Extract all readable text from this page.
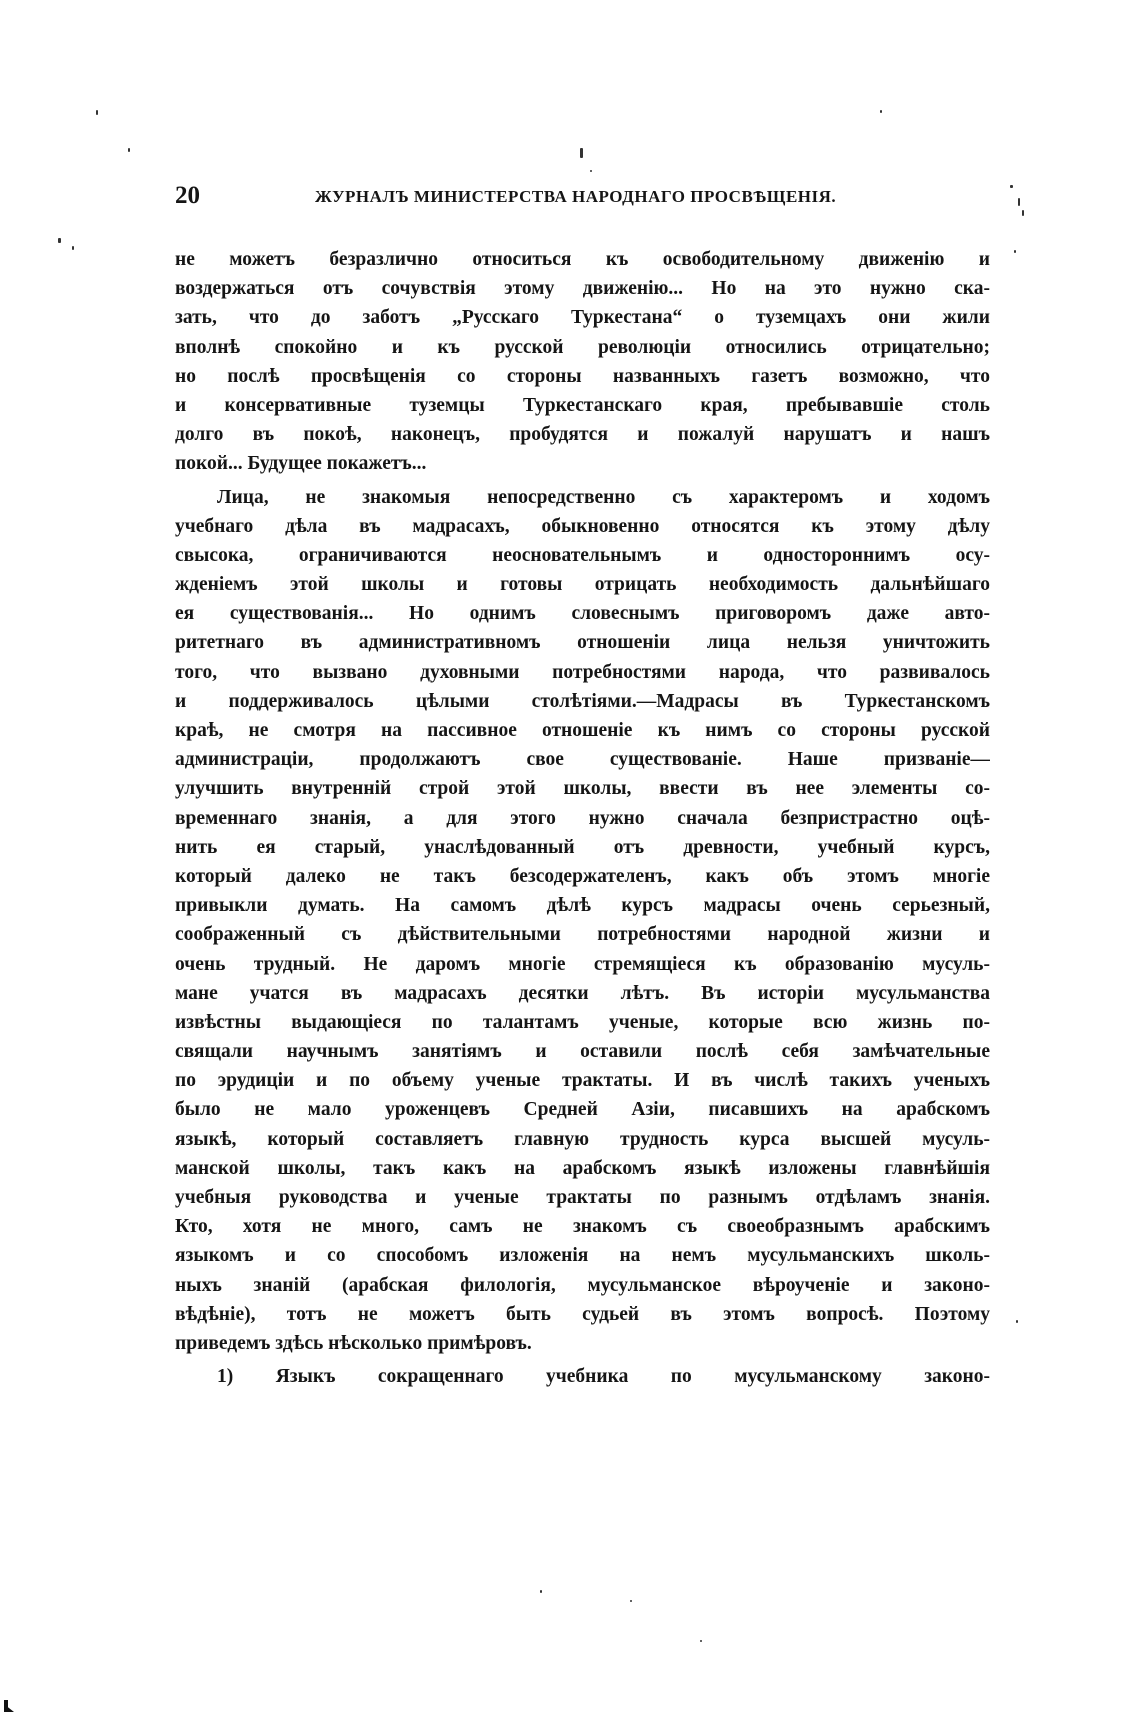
20	ЖУРНАЛЪ МИНИСТЕРСТВА НАРОДНАГО ПРОСВѢЩЕНІЯ.
не можетъ безразлично относиться къ освободительному движенію и
воздержаться отъ сочувствія этому движенію... Но на это нужно ска-
зать, что до заботъ „Русскаго Туркестана“ о туземцахъ они жили
вполнѣ спокойно и къ русской революціи относились отрицательно;
но послѣ просвѣщенія со стороны названныхъ газетъ возможно, что
и консервативные туземцы Туркестанскаго края, пребывавшіе столь
долго въ покоѣ, наконецъ, пробудятся и пожалуй нарушатъ и нашъ
покой... Будущее покажетъ...
Лица, не знакомыя непосредственно съ характеромъ и ходомъ
учебнаго дѣла въ мадрасахъ, обыкновенно относятся къ этому дѣлу
свысока, ограничиваются неосновательнымъ и одностороннимъ осу-
жденіемъ этой школы и готовы отрицать необходимость дальнѣйшаго
ея существованія... Но однимъ словеснымъ приговоромъ даже авто-
ритетнаго въ административномъ отношеніи лица нельзя уничтожить
того, что вызвано духовными потребностями народа, что развивалось
и поддерживалось цѣлыми столѣтіями.—Мадрасы въ Туркестанскомъ
краѣ, не смотря на пассивное отношеніе къ нимъ со стороны русской
администраціи, продолжаютъ свое существованіе. Наше призваніе—
улучшить внутренній строй этой школы, ввести въ нее элементы со-
временнаго знанія, а для этого нужно сначала безпристрастно оцѣ-
нить ея старый, унаслѣдованный отъ древности, учебный курсъ,
который далеко не такъ безсодержателенъ, какъ объ этомъ многіе
привыкли думать. На самомъ дѣлѣ курсъ мадрасы очень серьезный,
соображенный съ дѣйствительными потребностями народной жизни и
очень трудный. Не даромъ многіе стремящіеся къ образованію мусуль-
мане учатся въ мадрасахъ десятки лѣтъ. Въ исторіи мусульманства
извѣстны выдающіеся по талантамъ ученые, которые всю жизнь по-
свящали научнымъ занятіямъ и оставили послѣ себя замѣчательные
по эрудиціи и по объему ученые трактаты. И въ числѣ такихъ ученыхъ
было не мало уроженцевъ Средней Азіи, писавшихъ на арабскомъ
языкѣ, который составляетъ главную трудность курса высшей мусуль-
манской школы, такъ какъ на арабскомъ языкѣ изложены главнѣйшія
учебныя руководства и ученые трактаты по разнымъ отдѣламъ знанія.
Кто, хотя не много, самъ не знакомъ съ своеобразнымъ арабскимъ
языкомъ и со способомъ изложенія на немъ мусульманскихъ школь-
ныхъ знаній (арабская филологія, мусульманское вѣроученіе и законо-
вѣдѣніе), тотъ не можетъ быть судьей въ этомъ вопросѣ. Поэтому
приведемъ здѣсь нѣсколько примѣровъ.
1) Языкъ сокращеннаго учебника по мусульманскому законо-
